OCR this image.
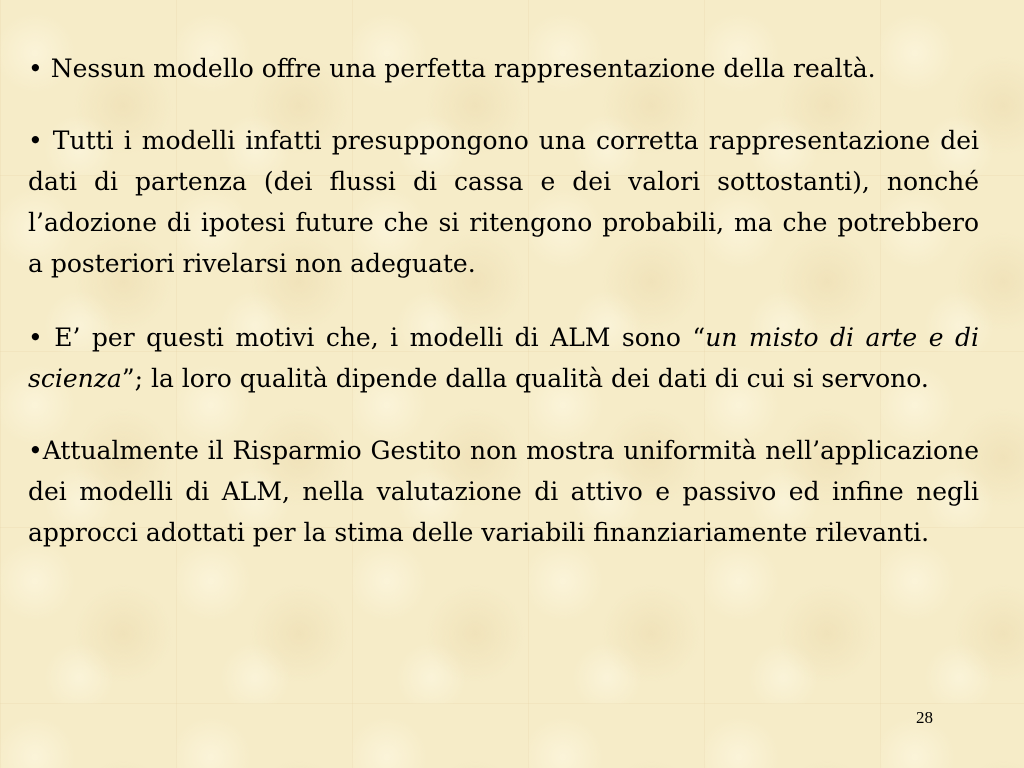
• Nessun modello offre una perfetta rappresentazione della realtà.

• Tutti i modelli infatti presuppongono una corretta rappresentazione dei dati di partenza (dei flussi di cassa e dei valori sottostanti), nonché l’adozione di ipotesi future che si ritengono probabili, ma che potrebbero a posteriori rivelarsi non adeguate.

• E’ per questi motivi che, i modelli di ALM sono “un misto di arte e di scienza”; la loro qualità dipende dalla qualità dei dati di cui si servono.

•Attualmente il Risparmio Gestito non mostra uniformità nell’applicazione dei modelli di ALM, nella valutazione di attivo e passivo ed infine negli approcci adottati per la stima delle variabili finanziariamente rilevanti.

28
